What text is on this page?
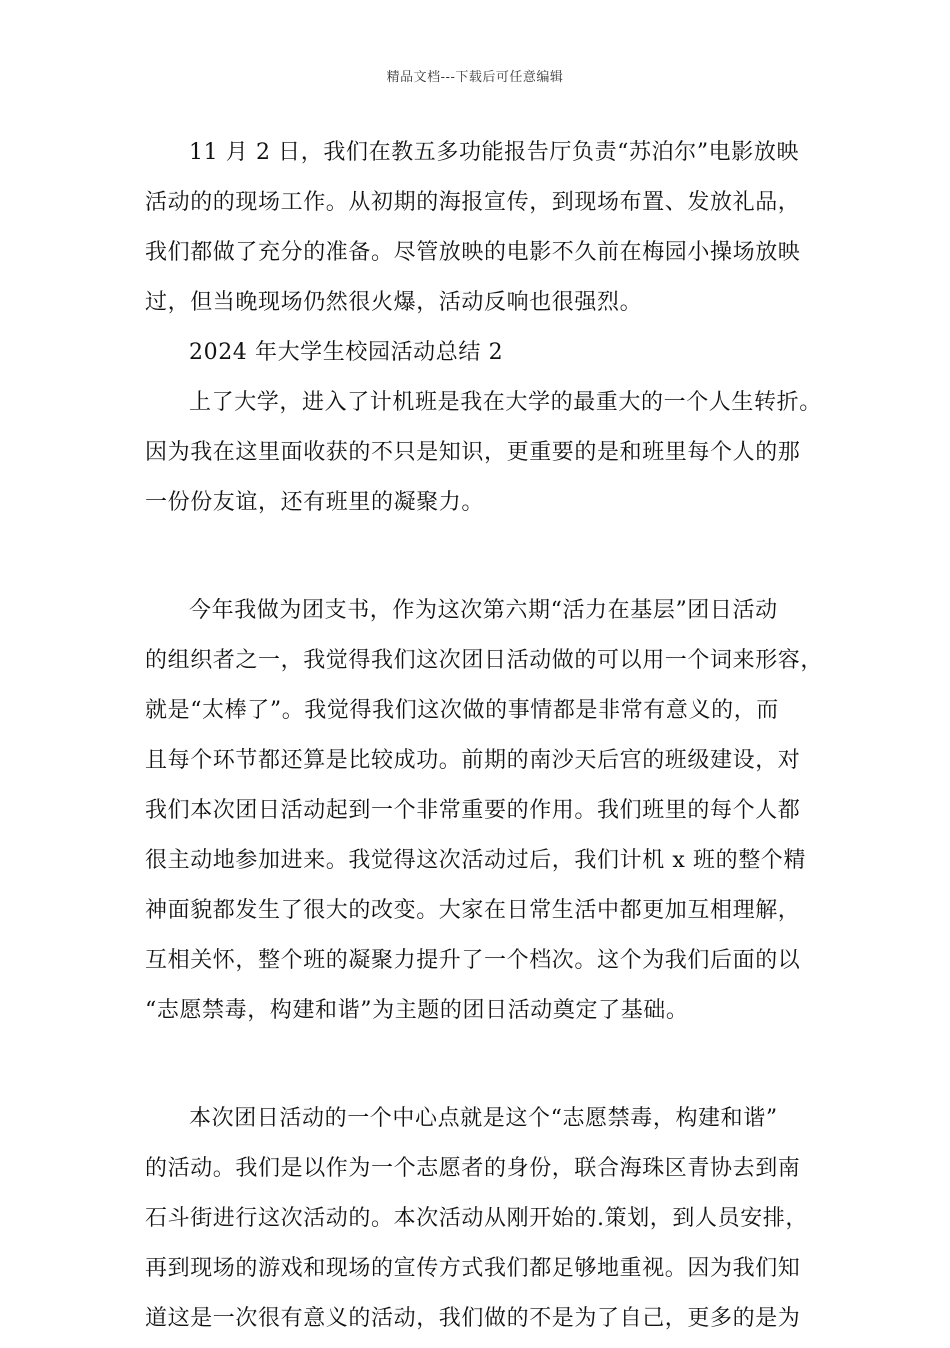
精品文档---下载后可任意编辑
11 月 2 日，我们在教五多功能报告厅负责“苏泊尔”电影放映
活动的的现场工作。从初期的海报宣传，到现场布置、发放礼品，
我们都做了充分的准备。尽管放映的电影不久前在梅园小操场放映
过，但当晚现场仍然很火爆，活动反响也很强烈。
2024 年大学生校园活动总结 2
上了大学，进入了计机班是我在大学的最重大的一个人生转折。
因为我在这里面收获的不只是知识，更重要的是和班里每个人的那
一份份友谊，还有班里的凝聚力。
今年我做为团支书，作为这次第六期“活力在基层”团日活动
的组织者之一，我觉得我们这次团日活动做的可以用一个词来形容，
就是“太棒了”。我觉得我们这次做的事情都是非常有意义的，而
且每个环节都还算是比较成功。前期的南沙天后宫的班级建设，对
我们本次团日活动起到一个非常重要的作用。我们班里的每个人都
很主动地参加进来。我觉得这次活动过后，我们计机 x 班的整个精
神面貌都发生了很大的改变。大家在日常生活中都更加互相理解，
互相关怀，整个班的凝聚力提升了一个档次。这个为我们后面的以
“志愿禁毒，构建和谐”为主题的团日活动奠定了基础。
本次团日活动的一个中心点就是这个“志愿禁毒，构建和谐”
的活动。我们是以作为一个志愿者的身份，联合海珠区青协去到南
石斗街进行这次活动的。本次活动从刚开始的.策划，到人员安排，
再到现场的游戏和现场的宣传方式我们都足够地重视。因为我们知
道这是一次很有意义的活动，我们做的不是为了自己，更多的是为
